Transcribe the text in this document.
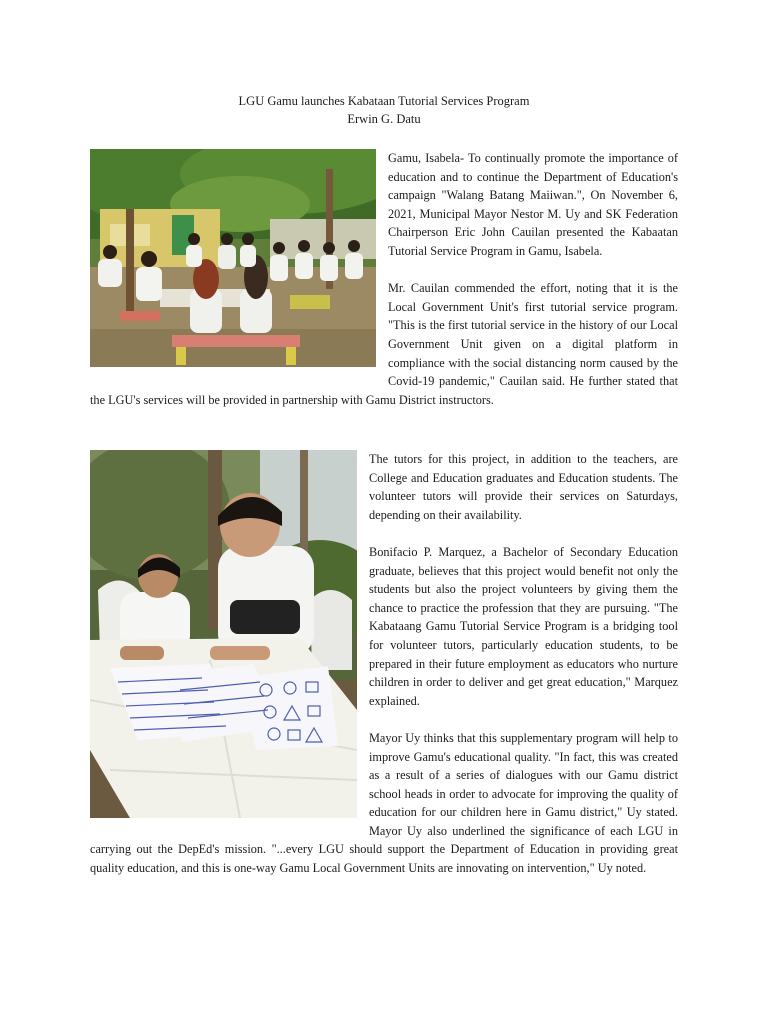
LGU Gamu launches Kabataan Tutorial Services Program
Erwin G. Datu

Gamu, Isabela- To continually promote the importance of education and to continue the Department of Education's campaign "Walang Batang Maiiwan.", On November 6, 2021, Municipal Mayor Nestor M. Uy and SK Federation Chairperson Eric John Cauilan presented the Kabaatan Tutorial Service Program in Gamu, Isabela.

Mr. Cauilan commended the effort, noting that it is the Local Government Unit's first tutorial service program. "This is the first tutorial service in the history of our Local Government Unit given on a digital platform in compliance with the social distancing norm caused by the Covid-19 pandemic," Cauilan said. He further stated that the LGU's services will be provided in partnership with Gamu District instructors.

The tutors for this project, in addition to the teachers, are College and Education graduates and Education students. The volunteer tutors will provide their services on Saturdays, depending on their availability.

Bonifacio P. Marquez, a Bachelor of Secondary Education graduate, believes that this project would benefit not only the students but also the project volunteers by giving them the chance to practice the profession that they are pursuing. "The Kabataang Gamu Tutorial Service Program is a bridging tool for volunteer tutors, particularly education students, to be prepared in their future employment as educators who nurture children in order to deliver and get great education," Marquez explained.

Mayor Uy thinks that this supplementary program will help to improve Gamu's educational quality. "In fact, this was created as a result of a series of dialogues with our Gamu district school heads in order to advocate for improving the quality of education for our children here in Gamu district," Uy stated. Mayor Uy also underlined the significance of each LGU in carrying out the DepEd's mission. "...every LGU should support the Department of Education in providing great quality education, and this is one-way Gamu Local Government Units are innovating on intervention," Uy noted.
